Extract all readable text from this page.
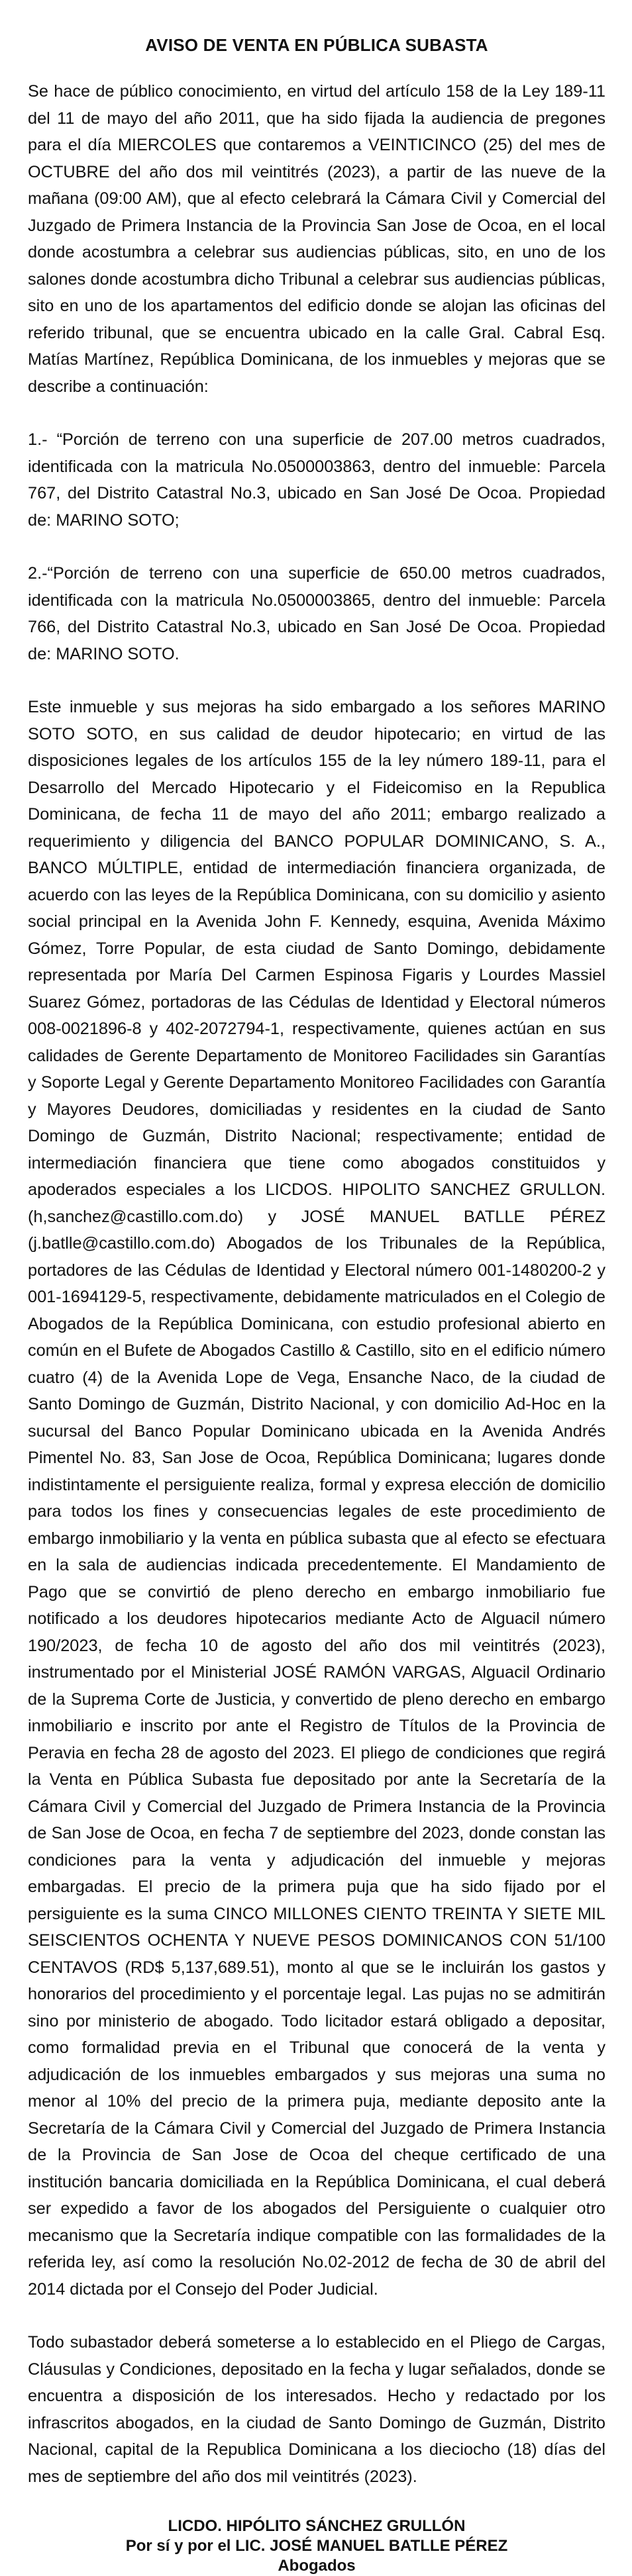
AVISO DE VENTA EN PÚBLICA SUBASTA

Se hace de público conocimiento, en virtud del artículo 158 de la Ley 189-11 del 11 de mayo del año 2011, que ha sido fijada la audiencia de pregones para el día MIERCOLES que contaremos a VEINTICINCO (25) del mes de OCTUBRE del año dos mil veintitrés (2023), a partir de las nueve de la mañana (09:00 AM), que al efecto celebrará la Cámara Civil y Comercial del Juzgado de Primera Instancia de la Provincia San Jose de Ocoa, en el local donde acostumbra a celebrar sus audiencias públicas, sito, en uno de los salones donde acostumbra dicho Tribunal a celebrar sus audiencias públicas, sito en uno de los apartamentos del edificio donde se alojan las oficinas del referido tribunal, que se encuentra ubicado en la calle Gral. Cabral Esq. Matías Martínez, República Dominicana, de los inmuebles y mejoras que se describe a continuación:

1.- “Porción de terreno con una superficie de 207.00 metros cuadrados, identificada con la matricula No.0500003863, dentro del inmueble: Parcela 767, del Distrito Catastral No.3, ubicado en San José De Ocoa. Propiedad de: MARINO SOTO;

2.-“Porción de terreno con una superficie de 650.00 metros cuadrados, identificada con la matricula No.0500003865, dentro del inmueble: Parcela 766, del Distrito Catastral No.3, ubicado en San José De Ocoa. Propiedad de: MARINO SOTO.

Este inmueble y sus mejoras ha sido embargado a los señores MARINO SOTO SOTO, en sus calidad de deudor hipotecario; en virtud de las disposiciones legales de los artículos 155 de la ley número 189-11, para el Desarrollo del Mercado Hipotecario y el Fideicomiso en la Republica Dominicana, de fecha 11 de mayo del año 2011; embargo realizado a requerimiento y diligencia del BANCO POPULAR DOMINICANO, S. A., BANCO MÚLTIPLE, entidad de intermediación financiera organizada, de acuerdo con las leyes de la República Dominicana, con su domicilio y asiento social principal en la Avenida John F. Kennedy, esquina, Avenida Máximo Gómez, Torre Popular, de esta ciudad de Santo Domingo, debidamente representada por María Del Carmen Espinosa Figaris y Lourdes Massiel Suarez Gómez, portadoras de las Cédulas de Identidad y Electoral números 008-0021896-8 y 402-2072794-1, respectivamente, quienes actúan en sus calidades de Gerente Departamento de Monitoreo Facilidades sin Garantías y Soporte Legal y Gerente Departamento Monitoreo Facilidades con Garantía y Mayores Deudores, domiciliadas y residentes en la ciudad de Santo Domingo de Guzmán, Distrito Nacional; respectivamente; entidad de intermediación financiera que tiene como abogados constituidos y apoderados especiales a los LICDOS. HIPOLITO SANCHEZ GRULLON. (h,sanchez@castillo.com.do) y JOSÉ MANUEL BATLLE PÉREZ (j.batlle@castillo.com.do) Abogados de los Tribunales de la República, portadores de las Cédulas de Identidad y Electoral número 001-1480200-2 y 001-1694129-5, respectivamente, debidamente matriculados en el Colegio de Abogados de la República Dominicana, con estudio profesional abierto en común en el Bufete de Abogados Castillo & Castillo, sito en el edificio número cuatro (4) de la Avenida Lope de Vega, Ensanche Naco, de la ciudad de Santo Domingo de Guzmán, Distrito Nacional, y con domicilio Ad-Hoc en la sucursal del Banco Popular Dominicano ubicada en la Avenida Andrés Pimentel No. 83, San Jose de Ocoa, República Dominicana; lugares donde indistintamente el persiguiente realiza, formal y expresa elección de domicilio para todos los fines y consecuencias legales de este procedimiento de embargo inmobiliario y la venta en pública subasta que al efecto se efectuara en la sala de audiencias indicada precedentemente. El Mandamiento de Pago que se convirtió de pleno derecho en embargo inmobiliario fue notificado a los deudores hipotecarios mediante Acto de Alguacil número 190/2023, de fecha 10 de agosto del año dos mil veintitrés (2023), instrumentado por el Ministerial JOSÉ RAMÓN VARGAS, Alguacil Ordinario de la Suprema Corte de Justicia, y convertido de pleno derecho en embargo inmobiliario e inscrito por ante el Registro de Títulos de la Provincia de Peravia en fecha 28 de agosto del 2023. El pliego de condiciones que regirá la Venta en Pública Subasta fue depositado por ante la Secretaría de la Cámara Civil y Comercial del Juzgado de Primera Instancia de la Provincia de San Jose de Ocoa, en fecha 7 de septiembre del 2023, donde constan las condiciones para la venta y adjudicación del inmueble y mejoras embargadas. El precio de la primera puja que ha sido fijado por el persiguiente es la suma CINCO MILLONES CIENTO TREINTA Y SIETE MIL SEISCIENTOS OCHENTA Y NUEVE PESOS DOMINICANOS CON 51/100 CENTAVOS (RD$ 5,137,689.51), monto al que se le incluirán los gastos y honorarios del procedimiento y el porcentaje legal. Las pujas no se admitirán sino por ministerio de abogado. Todo licitador estará obligado a depositar, como formalidad previa en el Tribunal que conocerá de la venta y adjudicación de los inmuebles embargados y sus mejoras una suma no menor al 10% del precio de la primera puja, mediante deposito ante la Secretaría de la Cámara Civil y Comercial del Juzgado de Primera Instancia de la Provincia de San Jose de Ocoa del cheque certificado de una institución bancaria domiciliada en la República Dominicana, el cual deberá ser expedido a favor de los abogados del Persiguiente o cualquier otro mecanismo que la Secretaría indique compatible con las formalidades de la referida ley, así como la resolución No.02-2012 de fecha de 30 de abril del 2014 dictada por el Consejo del Poder Judicial.

Todo subastador deberá someterse a lo establecido en el Pliego de Cargas, Cláusulas y Condiciones, depositado en la fecha y lugar señalados, donde se encuentra a disposición de los interesados. Hecho y redactado por los infrascritos abogados, en la ciudad de Santo Domingo de Guzmán, Distrito Nacional, capital de la Republica Dominicana a los dieciocho (18) días del mes de septiembre del año dos mil veintitrés (2023).

LICDO. HIPÓLITO SÁNCHEZ GRULLÓN

Por sí y por el LIC. JOSÉ MANUEL BATLLE PÉREZ

Abogados
